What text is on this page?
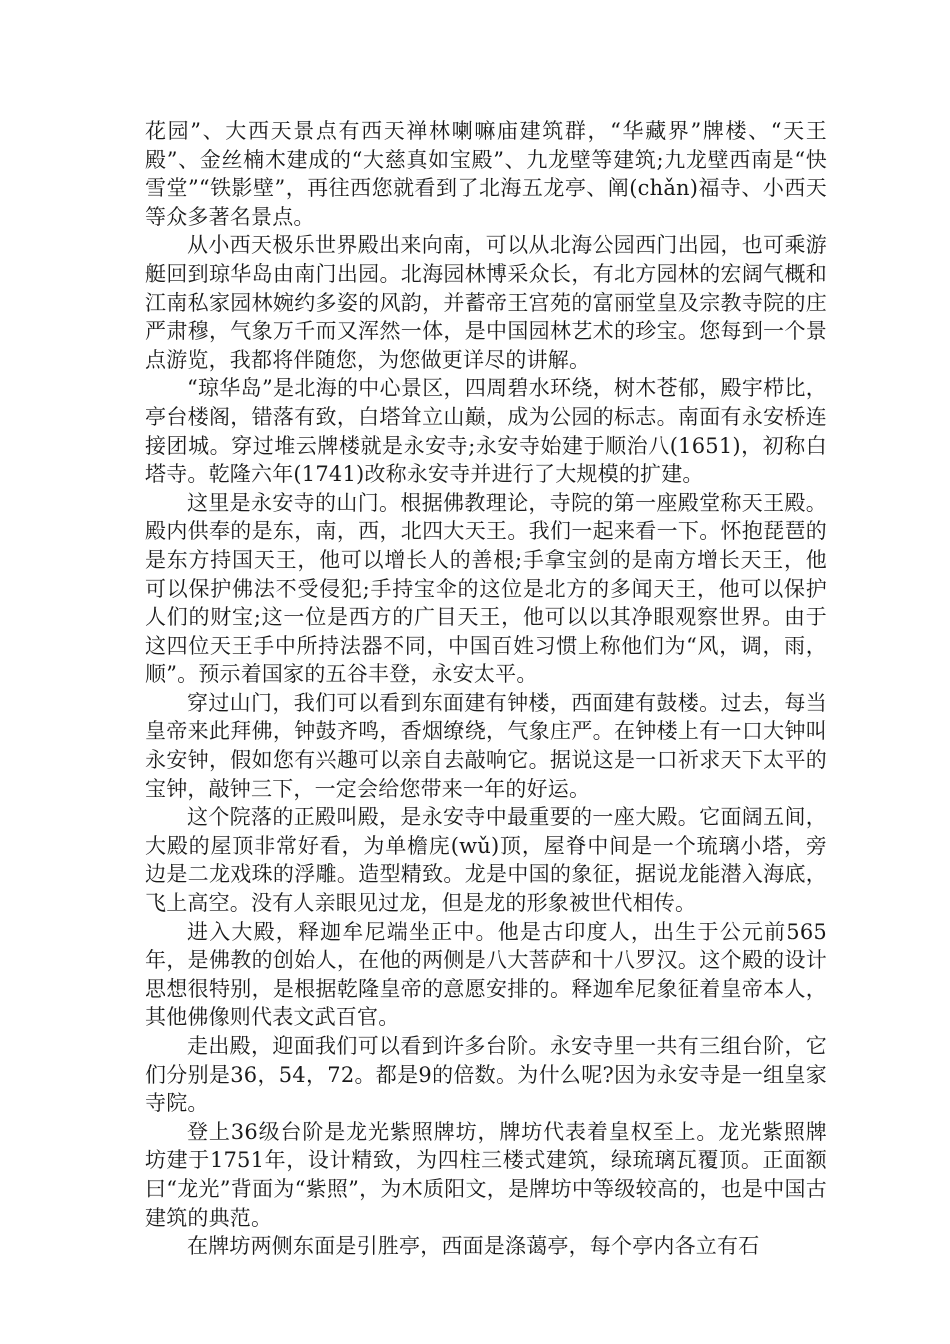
花园”、大西天景点有西天禅林喇嘛庙建筑群，“华藏界”牌楼、“天王殿”、金丝楠木建成的“大慈真如宝殿”、九龙壁等建筑;九龙壁西南是“快雪堂”“铁影壁”，再往西您就看到了北海五龙亭、阐(chǎn)福寺、小西天等众多著名景点。

从小西天极乐世界殿出来向南，可以从北海公园西门出园，也可乘游艇回到琼华岛由南门出园。北海园林博采众长，有北方园林的宏阔气概和江南私家园林婉约多姿的风韵，并蓄帝王宫苑的富丽堂皇及宗教寺院的庄严肃穆，气象万千而又浑然一体，是中国园林艺术的珍宝。您每到一个景点游览，我都将伴随您，为您做更详尽的讲解。

“琼华岛”是北海的中心景区，四周碧水环绕，树木苍郁，殿宇栉比，亭台楼阁，错落有致，白塔耸立山巅，成为公园的标志。南面有永安桥连接团城。穿过堆云牌楼就是永安寺;永安寺始建于顺治八(1651)，初称白塔寺。乾隆六年(1741)改称永安寺并进行了大规模的扩建。

这里是永安寺的山门。根据佛教理论，寺院的第一座殿堂称天王殿。殿内供奉的是东，南，西，北四大天王。我们一起来看一下。怀抱琵琶的是东方持国天王，他可以增长人的善根;手拿宝剑的是南方增长天王，他可以保护佛法不受侵犯;手持宝伞的这位是北方的多闻天王，他可以保护人们的财宝;这一位是西方的广目天王，他可以以其净眼观察世界。由于这四位天王手中所持法器不同，中国百姓习惯上称他们为“风，调，雨，顺”。预示着国家的五谷丰登，永安太平。

穿过山门，我们可以看到东面建有钟楼，西面建有鼓楼。过去，每当皇帝来此拜佛，钟鼓齐鸣，香烟缭绕，气象庄严。在钟楼上有一口大钟叫永安钟，假如您有兴趣可以亲自去敲响它。据说这是一口祈求天下太平的宝钟，敲钟三下，一定会给您带来一年的好运。

这个院落的正殿叫殿，是永安寺中最重要的一座大殿。它面阔五间，大殿的屋顶非常好看，为单檐庑(wǔ)顶，屋脊中间是一个琉璃小塔，旁边是二龙戏珠的浮雕。造型精致。龙是中国的象征，据说龙能潜入海底，飞上高空。没有人亲眼见过龙，但是龙的形象被世代相传。

进入大殿，释迦牟尼端坐正中。他是古印度人，出生于公元前565年，是佛教的创始人，在他的两侧是八大菩萨和十八罗汉。这个殿的设计思想很特别，是根据乾隆皇帝的意愿安排的。释迦牟尼象征着皇帝本人，其他佛像则代表文武百官。

走出殿，迎面我们可以看到许多台阶。永安寺里一共有三组台阶，它们分别是36，54，72。都是9的倍数。为什么呢?因为永安寺是一组皇家寺院。

登上36级台阶是龙光紫照牌坊，牌坊代表着皇权至上。龙光紫照牌坊建于1751年，设计精致，为四柱三楼式建筑，绿琉璃瓦覆顶。正面额曰“龙光”背面为“紫照”，为木质阳文，是牌坊中等级较高的，也是中国古建筑的典范。

在牌坊两侧东面是引胜亭，西面是涤蔼亭，每个亭内各立有石
